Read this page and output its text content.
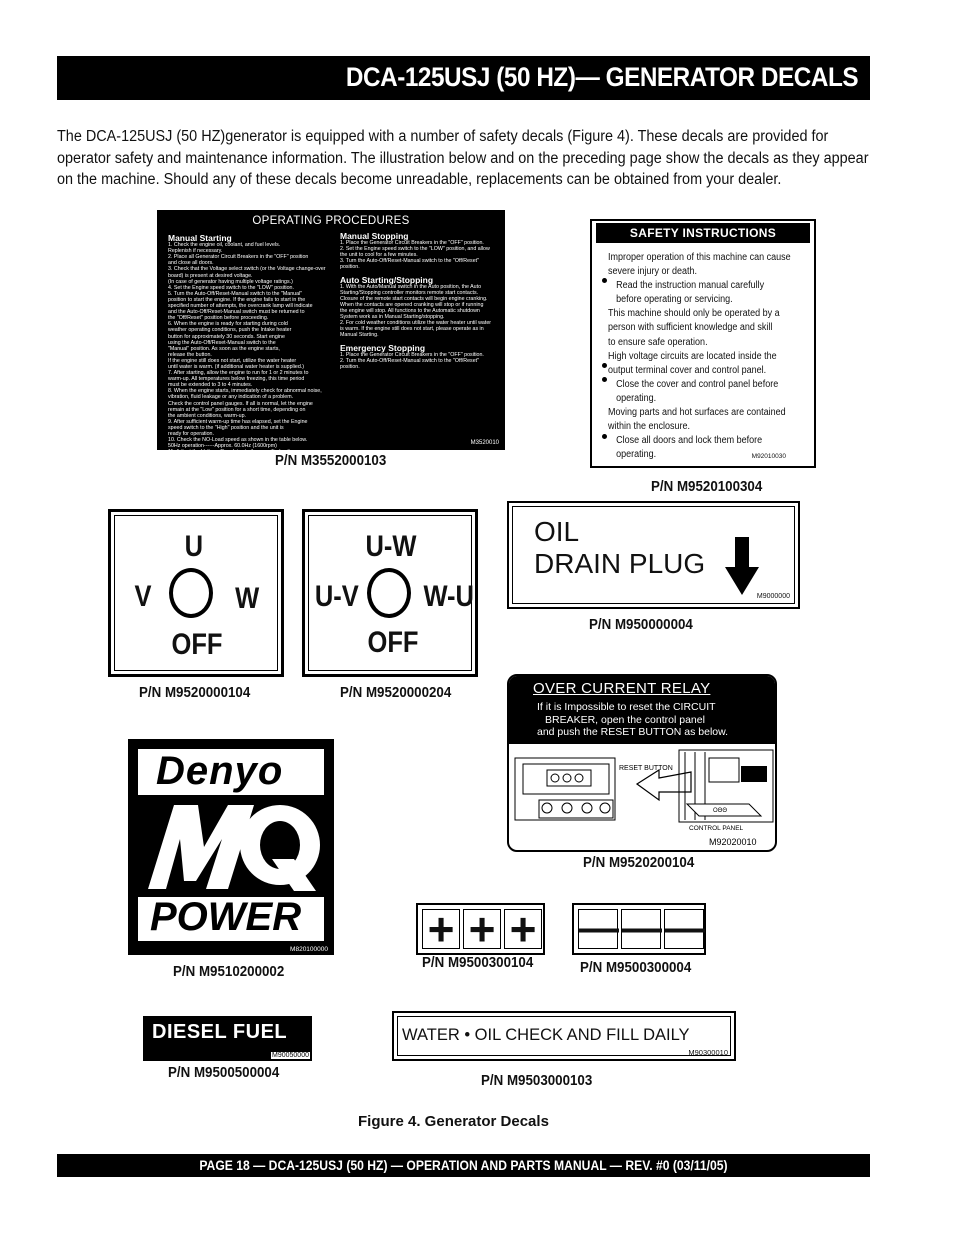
DCA-125USJ (50 HZ)— GENERATOR DECALS
The DCA-125USJ (50 HZ)generator is equipped with a number of safety decals (Figure 4). These decals are provided for operator safety and maintenance information. The illustration below and on the preceding page show the decals as they appear on the machine. Should any of these decals become unreadable, replacements can be obtained from your dealer.
OPERATING PROCEDURES
Manual Starting
1. Check the engine oil, coolant, and fuel levels.
Replenish if necessary.
2. Place all Generator Circuit Breakers in the "OFF" position
and close all doors.
3. Check that the Voltage select switch (or the Voltage change-over
board) is present at desired voltage.
(In case of generator having multiple voltage ratings.)
4. Set the Engine speed switch to the "LOW" position.
5. Turn the Auto-Off/Reset-Manual switch to the "Manual"
position to start the engine. If the engine fails to start in the
specified number of attempts, the overcrank lamp will indicate
and the Auto-Off/Reset-Manual switch must be returned to
the "Off/Reset" position before proceeding.
6. When the engine is ready for starting during cold
weather operating conditions, push the Intake heater
button for approximately 30 seconds. Start engine
using the Auto-Off/Reset-Manual switch to the
"Manual" position. As soon as the engine starts,
release the button.
If the engine still does not start, utilize the water heater
until water is warm. (if additional water heater is supplied.)
7. After starting, allow the engine to run for 1 or 2 minutes to
warm-up. All temperatures below freezing, this time period
must be extended to 3 to 4 minutes.
8. When the engine starts, immediately check for abnormal noise,
vibration, fluid leakage or any indication of a problem.
Check the control panel gauges. If all is normal, let the engine
remain at the "Low" position for a short time, depending on
the ambient conditions, warm-up.
9. After sufficient warm-up time has elapsed, set the Engine
speed switch to the "High" position and the unit is
ready for operation.
10. Check the NO-Load speed as shown in the table below.
50Hz operation------Approx. 60.0Hz (1600rpm)
11. Adjust the Voltage Regulator to the specified voltage.
Manual Stopping
1. Place the Generator Circuit Breakers in the "OFF" position.
2. Set the Engine speed switch to the "LOW" position, and allow
the unit to cool for a few minutes.
3. Turn the Auto-Off/Reset-Manual switch to the "Off/Reset"
position.
Auto Starting/Stopping
1. With the Auto/Manual switch in the Auto position, the Auto
Starting/Stopping controller monitors remote start contacts.
Closure of the remote start contacts will begin engine cranking.
When the contacts are opened cranking will stop or if running
the engine will stop. All functions to the Automatic shutdown
System work as in Manual Starting/stopping.
2. For cold weather conditions utilize the water heater until water
is warm. If the engine still does not start, please operate as in
Manual Starting.
Emergency Stopping
1. Place the Generator Circuit Breakers in the "OFF" position.
2. Turn the Auto-Off/Reset-Manual switch to the "Off/Reset"
position.
M3520010
P/N M3552000103
SAFETY INSTRUCTIONS
Improper operation of this machine can cause
severe injury or death.
Read the instruction manual carefully
before operating or servicing.
This machine should only be operated by a
person with sufficient knowledge and skill
to ensure safe operation.
High voltage circuits are located inside the
output terminal cover and control panel.
Close the cover and control panel before
operating.
Moving parts and hot surfaces are contained
within the enclosure.
Close all doors and lock them before
operating.	M92010030
P/N M9520100304
U
V	W
OFF
P/N M9520000104
U-W
U-V W-U
OFF
P/N M9520000204
OIL
DRAIN PLUG
M9000000
P/N M950000004
OVER CURRENT RELAY
If it is Impossible to reset the CIRCUIT
BREAKER, open the control panel
and push the RESET BUTTON as below.
RESET BUTTON
ΟΘΘ
CONTROL PANEL
M92020010
P/N M9520200104
Denyo
POWER
M820100000
P/N M9510200002
+ + +
P/N M9500300104
— — —
P/N M9500300004
DIESEL FUEL
M90050000
P/N M9500500004
WATER • OIL CHECK AND FILL DAILY
M90300010
P/N M9503000103
Figure 4. Generator Decals
PAGE 18 — DCA-125USJ (50 HZ) — OPERATION AND PARTS MANUAL — REV. #0 (03/11/05)
